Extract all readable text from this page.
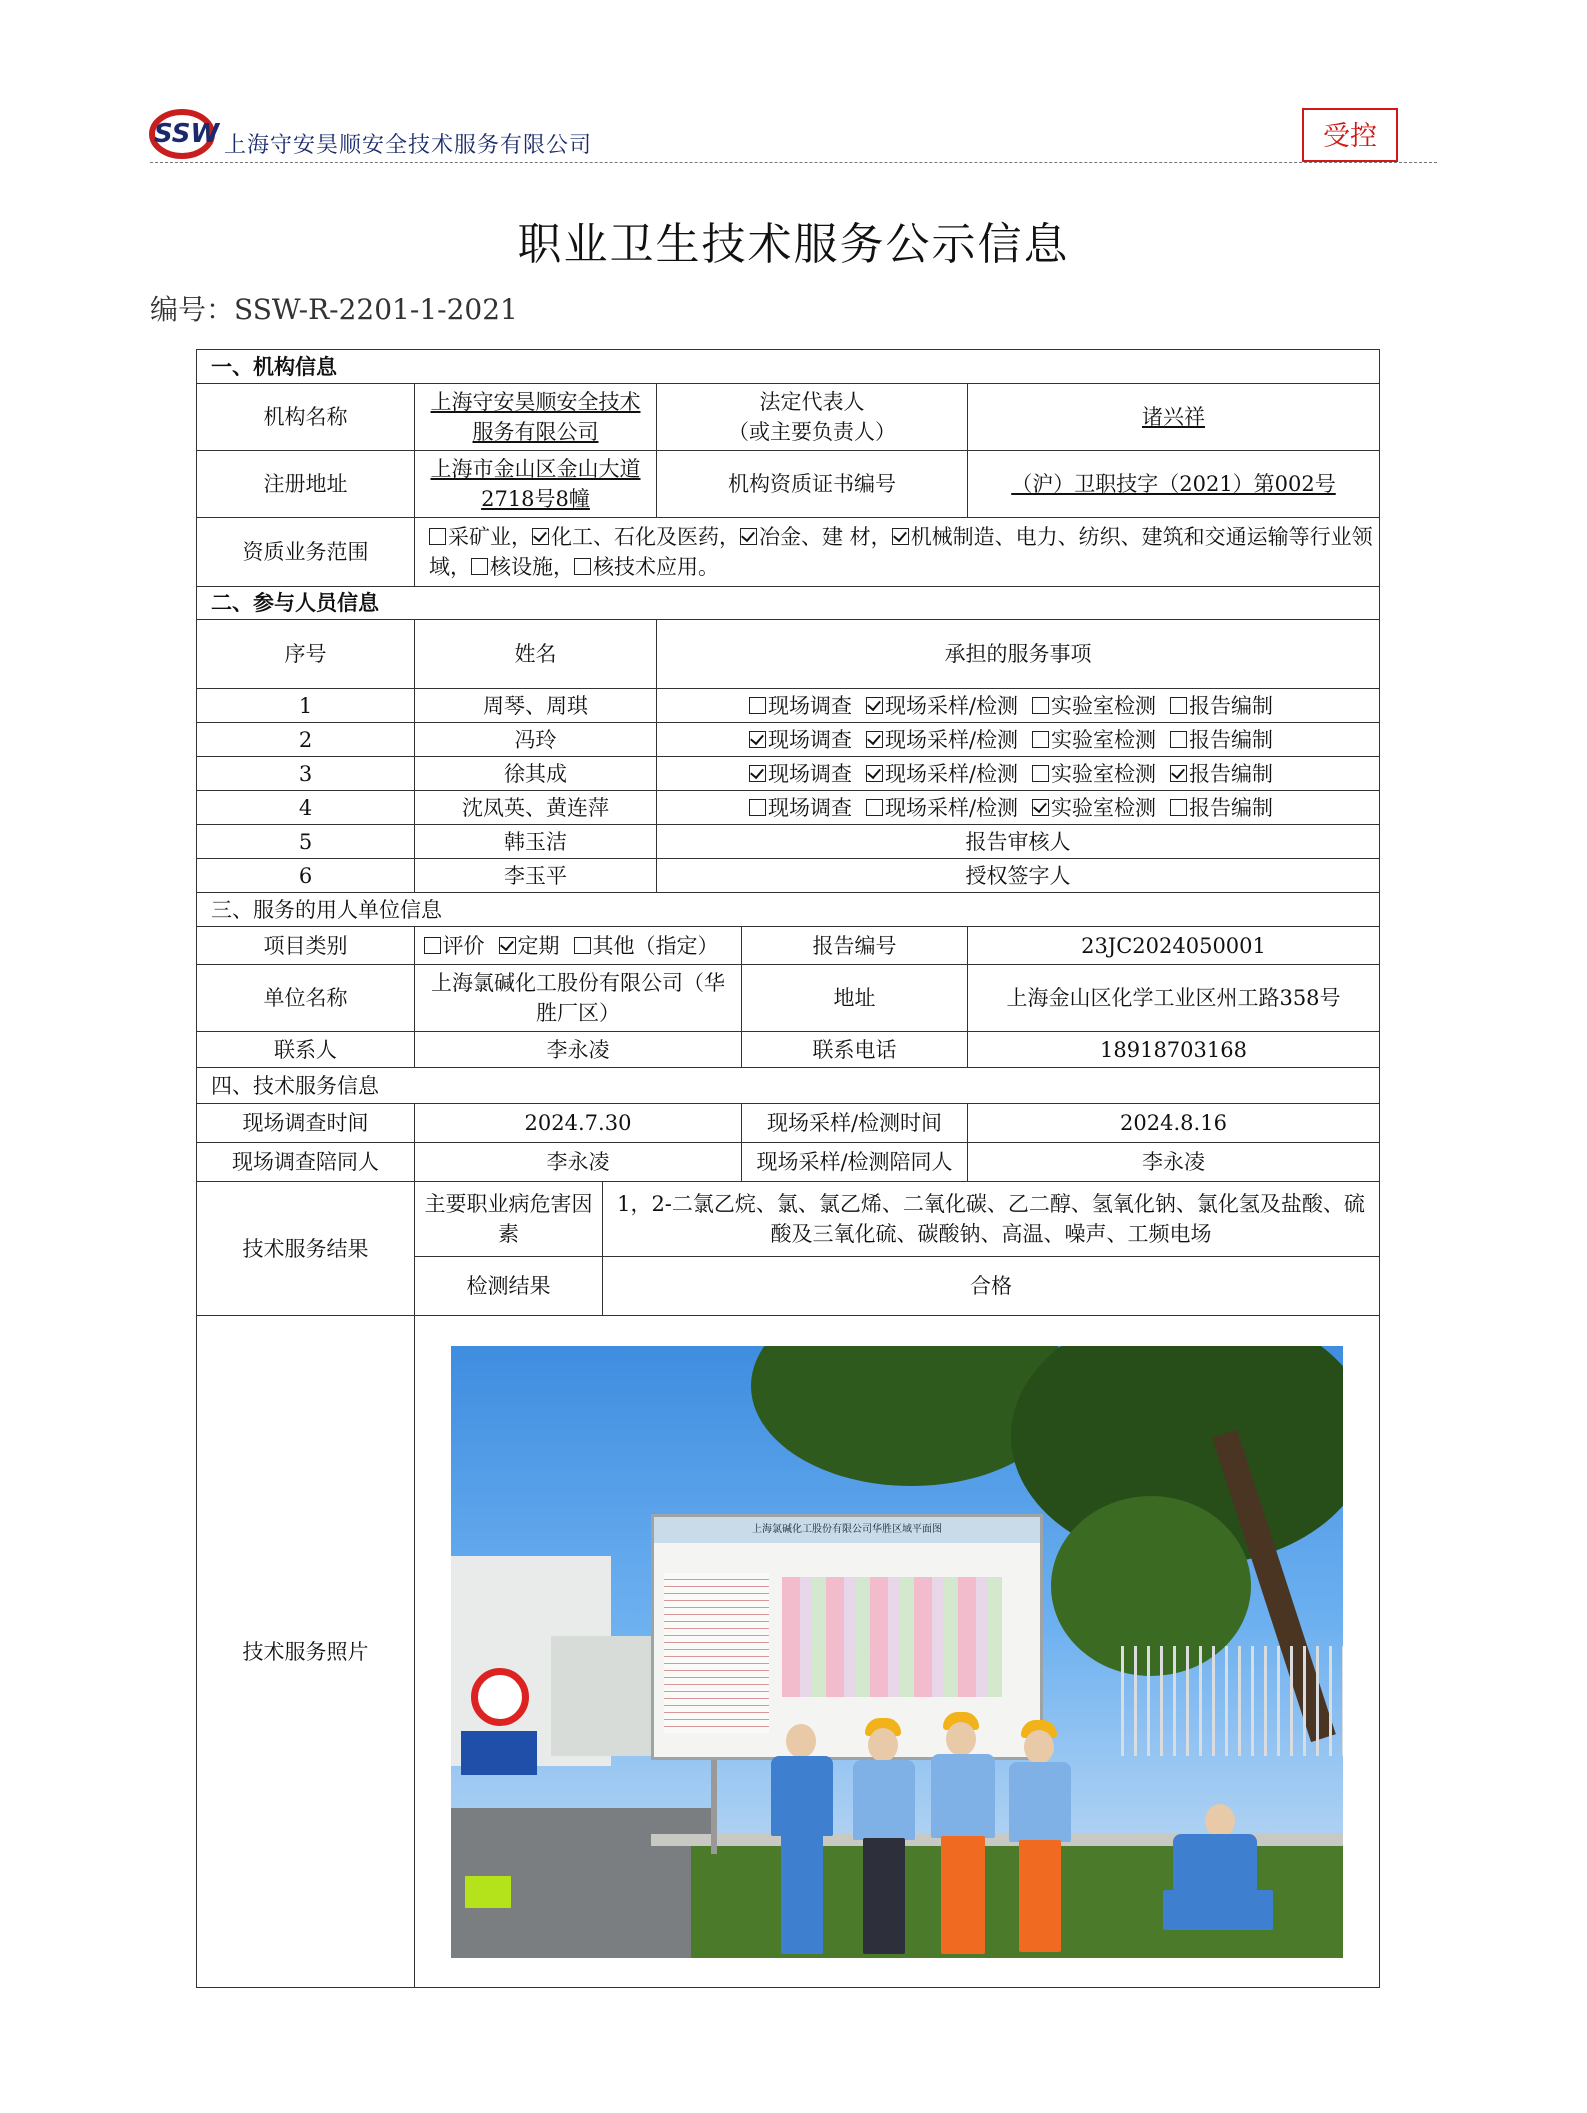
SSW 上海守安昊顺安全技术服务有限公司	受控
职业卫生技术服务公示信息
编号：SSW-R-2201-1-2021
一、机构信息					
机构名称	上海守安昊顺安全技术服务有限公司		法定代表人
（或主要负责人）		诸兴祥
注册地址	上海市金山区金山大道2718号8幢		机构资质证书编号		（沪）卫职技字（2021）第002号
资质业务范围	采矿业， 化工、石化及医药， 冶金、建 材， 机械制造、电力、纺织、建筑和交通运输等行业领域， 核设施， 核技术应用。				
二、参与人员信息					
序号	姓名		承担的服务事项		
1	周琴、周琪		现场调查 现场采样/检测 实验室检测 报告编制		
2	冯玲		现场调查 现场采样/检测 实验室检测 报告编制		
3	徐其成		现场调查 现场采样/检测 实验室检测 报告编制		
4	沈凤英、黄连萍		现场调查 现场采样/检测 实验室检测 报告编制		
5	韩玉洁		报告审核人		
6	李玉平		授权签字人		
三、服务的用人单位信息					
项目类别	评价 定期 其他（指定）			报告编号	23JC2024050001
单位名称	上海氯碱化工股份有限公司（华胜厂区）			地址	上海金山区化学工业区州工路358号
联系人	李永凌			联系电话	18918703168
四、技术服务信息					
现场调查时间	2024.7.30			现场采样/检测时间	2024.8.16
现场调查陪同人	李永凌			现场采样/检测陪同人	李永凌
技术服务结果	主要职业病危害因素	1，2-二氯乙烷、氯、氯乙烯、二氧化碳、乙二醇、氢氧化钠、氯化氢及盐酸、硫酸及三氧化硫、碳酸钠、高温、噪声、工频电场			
	检测结果	合格			
技术服务照片	上海氯碱化工股份有限公司华胜区域平面图				
